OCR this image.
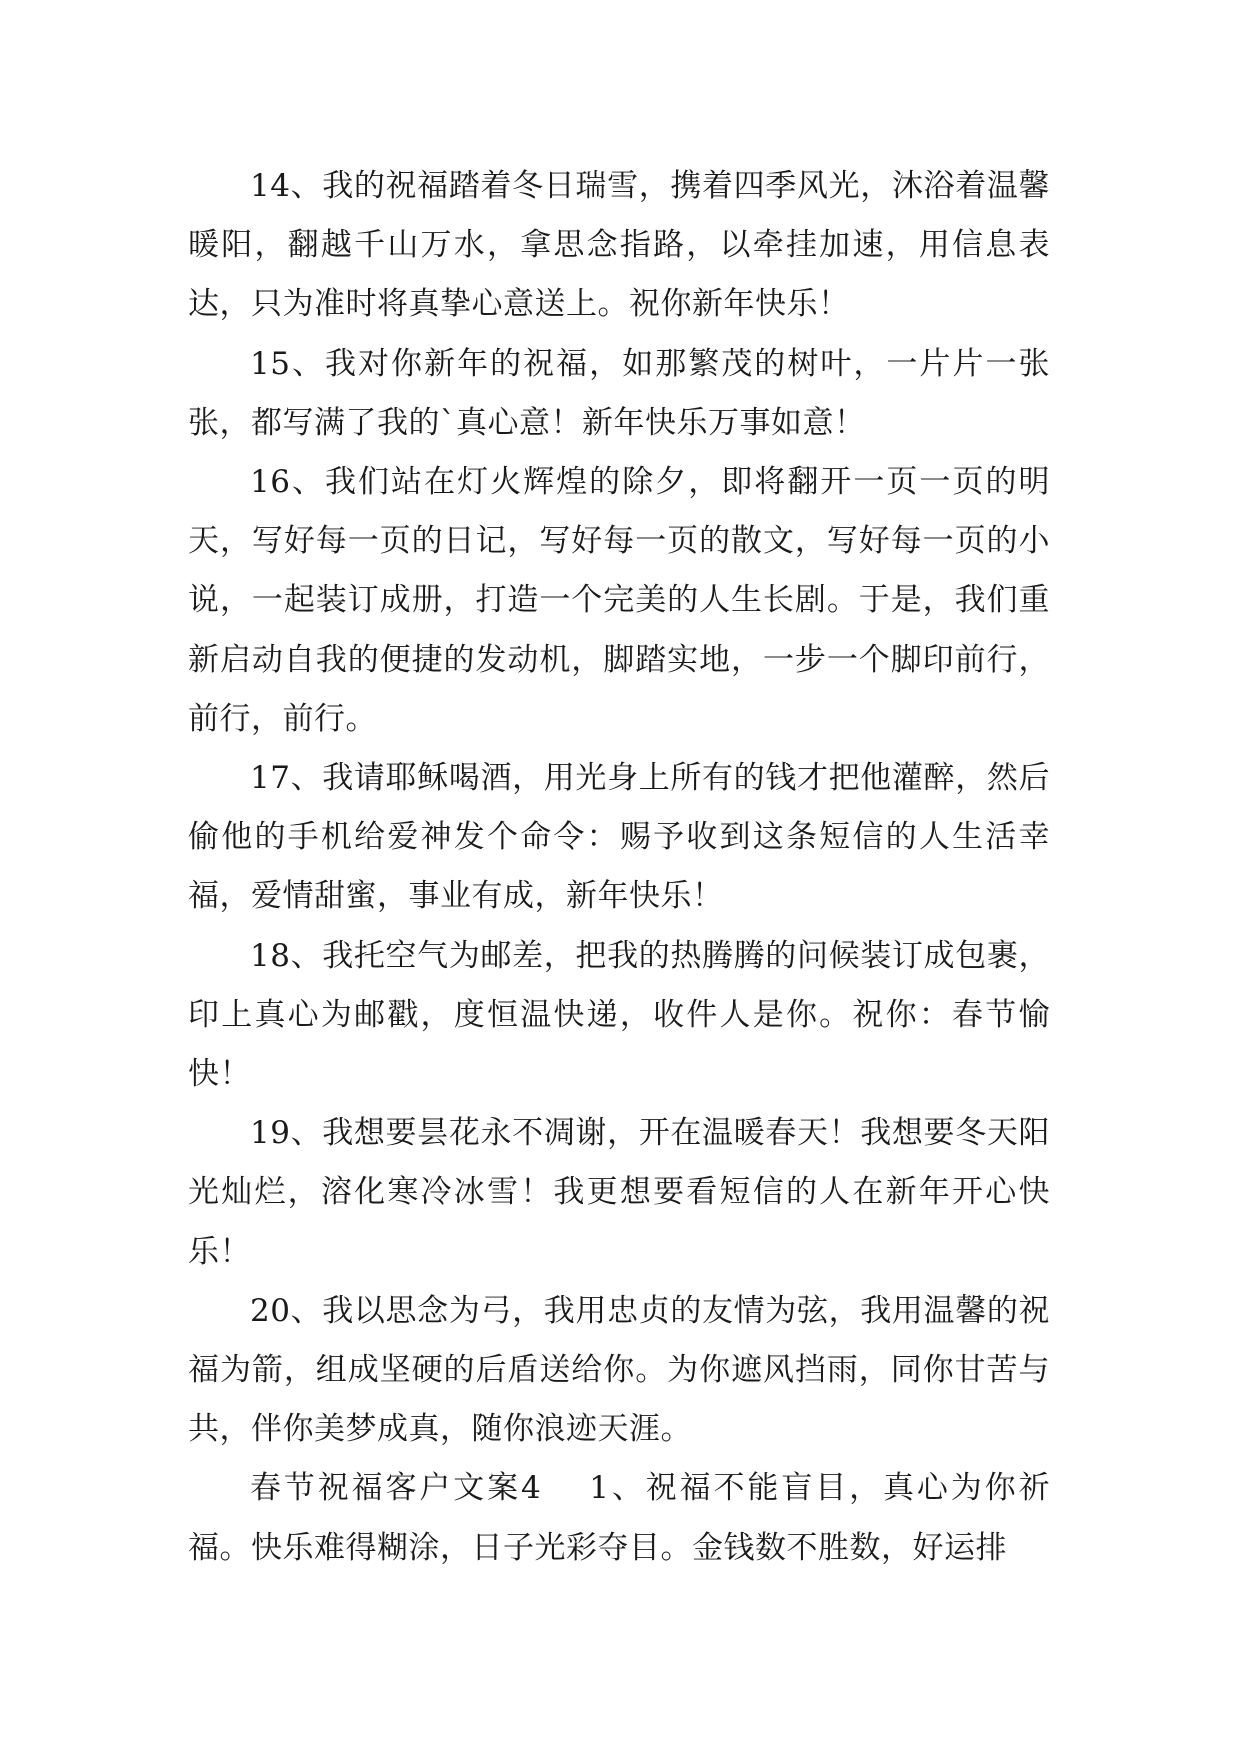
14、我的祝福踏着冬日瑞雪，携着四季风光，沐浴着温馨暖阳，翻越千山万水，拿思念指路，以牵挂加速，用信息表达，只为准时将真挚心意送上。祝你新年快乐！

15、我对你新年的祝福，如那繁茂的树叶，一片片一张张，都写满了我的`真心意！新年快乐万事如意！

16、我们站在灯火辉煌的除夕，即将翻开一页一页的明天，写好每一页的日记，写好每一页的散文，写好每一页的小说，一起装订成册，打造一个完美的人生长剧。于是，我们重新启动自我的便捷的发动机，脚踏实地，一步一个脚印前行，前行，前行。

17、我请耶稣喝酒，用光身上所有的钱才把他灌醉，然后偷他的手机给爱神发个命令：赐予收到这条短信的人生活幸福，爱情甜蜜，事业有成，新年快乐！

18、我托空气为邮差，把我的热腾腾的问候装订成包裹，印上真心为邮戳，度恒温快递，收件人是你。祝你：春节愉快！

19、我想要昙花永不凋谢，开在温暖春天！我想要冬天阳光灿烂，溶化寒冷冰雪！我更想要看短信的人在新年开心快乐！

20、我以思念为弓，我用忠贞的友情为弦，我用温馨的祝福为箭，组成坚硬的后盾送给你。为你遮风挡雨，同你甘苦与共，伴你美梦成真，随你浪迹天涯。

春节祝福客户文案4 1、祝福不能盲目，真心为你祈福。快乐难得糊涂，日子光彩夺目。金钱数不胜数，好运排
